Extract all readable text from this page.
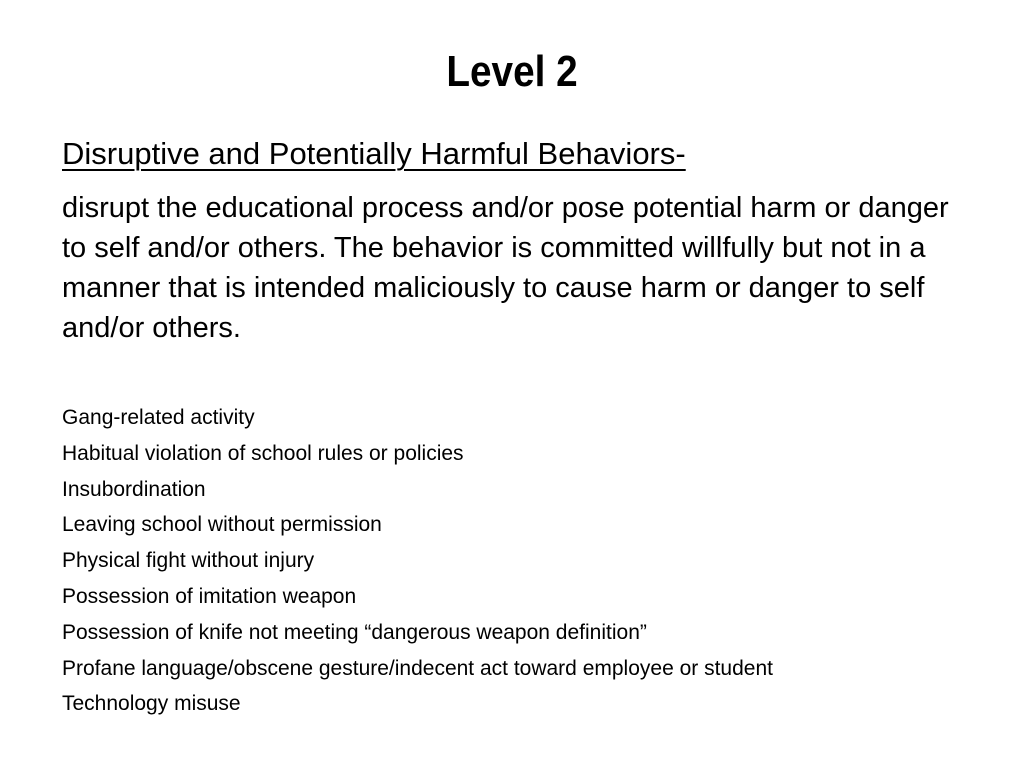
Level 2

Disruptive and Potentially Harmful Behaviors-

disrupt the educational process and/or pose potential harm or danger to self and/or others. The behavior is committed willfully but not in a manner that is intended maliciously to cause harm or danger to self and/or others.

Gang-related activity
Habitual violation of school rules or policies
Insubordination
Leaving school without permission
Physical fight without injury
Possession of imitation weapon
Possession of knife not meeting “dangerous weapon definition”
Profane language/obscene gesture/indecent act toward employee or student
Technology misuse
